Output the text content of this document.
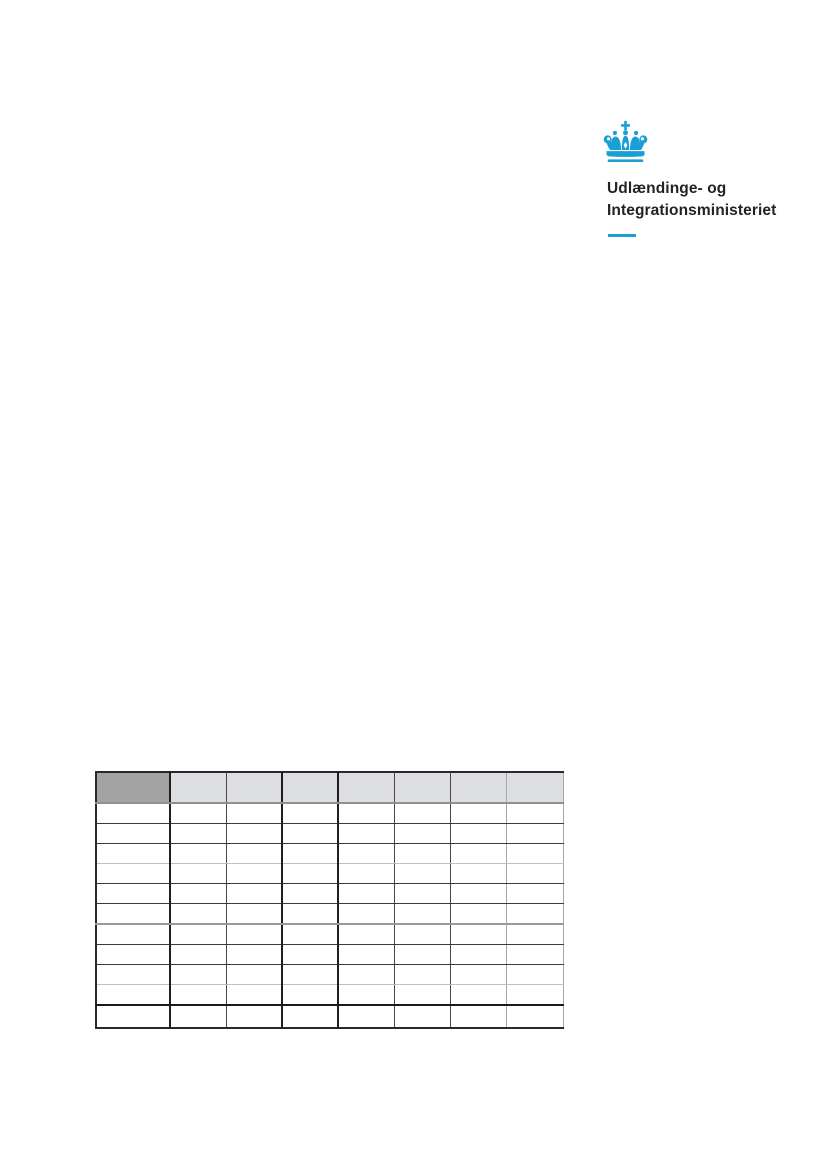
Udlændinge- og
Integrationsministeriet
